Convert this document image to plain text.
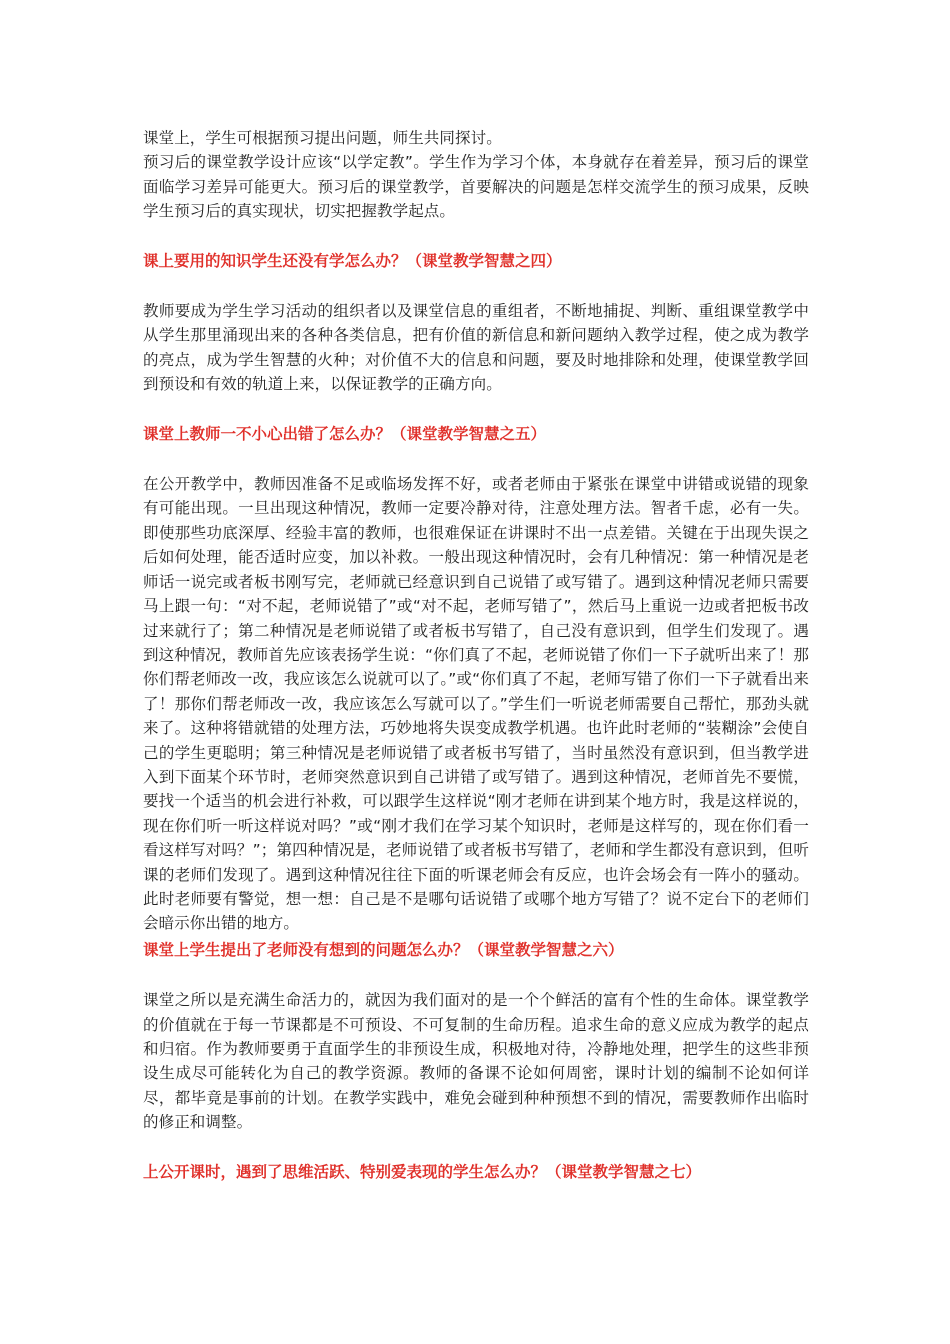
课堂上，学生可根据预习提出问题，师生共同探讨。

预习后的课堂教学设计应该“以学定教”。学生作为学习个体，本身就存在着差异，预习后的课堂面临学习差异可能更大。预习后的课堂教学，首要解决的问题是怎样交流学生的预习成果，反映学生预习后的真实现状，切实把握教学起点。

课上要用的知识学生还没有学怎么办？（课堂教学智慧之四）

教师要成为学生学习活动的组织者以及课堂信息的重组者，不断地捕捉、判断、重组课堂教学中从学生那里涌现出来的各种各类信息，把有价值的新信息和新问题纳入教学过程，使之成为教学的亮点，成为学生智慧的火种；对价值不大的信息和问题，要及时地排除和处理，使课堂教学回到预设和有效的轨道上来，以保证教学的正确方向。

课堂上教师一不小心出错了怎么办？（课堂教学智慧之五）

在公开教学中，教师因准备不足或临场发挥不好，或者老师由于紧张在课堂中讲错或说错的现象有可能出现。一旦出现这种情况，教师一定要冷静对待，注意处理方法。智者千虑，必有一失。即使那些功底深厚、经验丰富的教师，也很难保证在讲课时不出一点差错。关键在于出现失误之后如何处理，能否适时应变，加以补救。一般出现这种情况时，会有几种情况：第一种情况是老师话一说完或者板书刚写完，老师就已经意识到自己说错了或写错了。遇到这种情况老师只需要马上跟一句：“对不起，老师说错了”或“对不起，老师写错了”，然后马上重说一边或者把板书改过来就行了；第二种情况是老师说错了或者板书写错了，自己没有意识到，但学生们发现了。遇到这种情况，教师首先应该表扬学生说：“你们真了不起，老师说错了你们一下子就听出来了！那你们帮老师改一改，我应该怎么说就可以了。”或“你们真了不起，老师写错了你们一下子就看出来了！那你们帮老师改一改，我应该怎么写就可以了。”学生们一听说老师需要自己帮忙，那劲头就来了。这种将错就错的处理方法，巧妙地将失误变成教学机遇。也许此时老师的“装糊涂”会使自己的学生更聪明；第三种情况是老师说错了或者板书写错了，当时虽然没有意识到，但当教学进入到下面某个环节时，老师突然意识到自己讲错了或写错了。遇到这种情况，老师首先不要慌，要找一个适当的机会进行补救，可以跟学生这样说“刚才老师在讲到某个地方时，我是这样说的，现在你们听一听这样说对吗？”或“刚才我们在学习某个知识时，老师是这样写的，现在你们看一看这样写对吗？”；第四种情况是，老师说错了或者板书写错了，老师和学生都没有意识到，但听课的老师们发现了。遇到这种情况往往下面的听课老师会有反应，也许会场会有一阵小的骚动。此时老师要有警觉，想一想：自己是不是哪句话说错了或哪个地方写错了？说不定台下的老师们会暗示你出错的地方。

课堂上学生提出了老师没有想到的问题怎么办？（课堂教学智慧之六）

课堂之所以是充满生命活力的，就因为我们面对的是一个个鲜活的富有个性的生命体。课堂教学的价值就在于每一节课都是不可预设、不可复制的生命历程。追求生命的意义应成为教学的起点和归宿。作为教师要勇于直面学生的非预设生成，积极地对待，冷静地处理，把学生的这些非预设生成尽可能转化为自己的教学资源。教师的备课不论如何周密，课时计划的编制不论如何详尽，都毕竟是事前的计划。在教学实践中，难免会碰到种种预想不到的情况，需要教师作出临时的修正和调整。

上公开课时，遇到了思维活跃、特别爱表现的学生怎么办？（课堂教学智慧之七）
